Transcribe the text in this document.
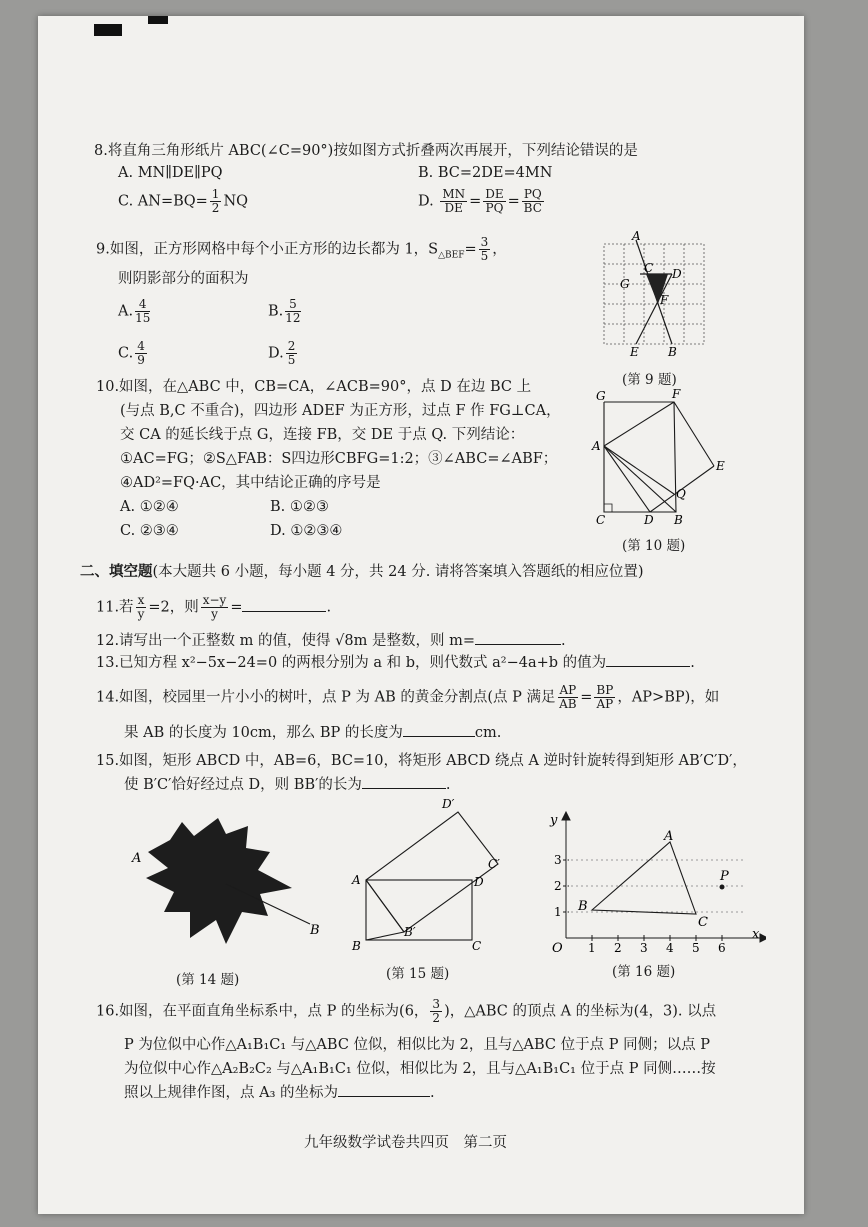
8.将直角三角形纸片 ABC(∠C=90°)按如图方式折叠两次再展开，下列结论错误的是
A. MN∥DE∥PQ	B. BC=2DE=4MN
C. $AN=BQ= \frac{1}{2}$ NQ	D. $\frac{MN}{DE} = \frac{DE}{PQ} = \frac{PQ}{BC}$
9.如图，正方形网格中每个小正方形的边长都为 1，$S_{\triangle BEF}= \frac{3}{5}$ ，
则阴影部分的面积为
A. $\frac{4}{15}$	B. $\frac{5}{12}$
C. $\frac{4}{9}$	D. $\frac{2}{5}$
A
C D
G
F
E B
(第 9 题)
10.如图，在△ABC 中，CB=CA，∠ACB=90°，点 D 在边 BC 上
(与点 B,C 不重合)，四边形 ADEF 为正方形，过点 F 作 FG⊥CA，
交 CA 的延长线于点 G，连接 FB，交 DE 于点 Q. 下列结论：
①AC=FG；②S△FAB：S四边形CBFG=1:2；③∠ABC=∠ABF；
④AD²=FQ·AC，其中结论正确的序号是
A. ①②④	B. ①②③
C. ②③④	D. ①②③④
G	F
A
E
Q
C	D B
(第 10 题)
二、填空题(本大题共 6 小题，每小题 4 分，共 24 分. 请将答案填入答题纸的相应位置)
11.若 $\frac{x}{y} =2$，则 $\frac{x-y}{y}$ =	.
12.请写出一个正整数 m 的值，使得 √8m 是整数，则 m=	.
13.已知方程 x²−5x−24=0 的两根分别为 a 和 b，则代数式 a²−4a+b 的值为	.
14.如图，校园里一片小小的树叶，点 P 为 AB 的黄金分割点(点 P 满足 $\frac{AP}{AB} = \frac{BP}{AP}$ ，AP>BP)，如
果 AB 的长度为 10cm，那么 BP 的长度为	cm.
15.如图，矩形 ABCD 中，AB=6，BC=10，将矩形 ABCD 绕点 A 逆时针旋转得到矩形 AB′C′D′，
使 B′C′恰好经过点 D，则 BB′的长为	.
A
B
(第 14 题)
D′
C′
A	D
B′
B	C
(第 15 题)
x
y
O 1 2 3 4 5 6
1
2
3
A
B
C
P
(第 16 题)
16.如图，在平面直角坐标系中，点 P 的坐标为(6， $\frac{3}{2}$ )，△ABC 的顶点 A 的坐标为(4，3). 以点
P 为位似中心作△A₁B₁C₁ 与△ABC 位似，相似比为 2，且与△ABC 位于点 P 同侧；以点 P
为位似中心作△A₂B₂C₂ 与△A₁B₁C₁ 位似，相似比为 2，且与△A₁B₁C₁ 位于点 P 同侧……按
照以上规律作图，点 A₃ 的坐标为	.
九年级数学试卷共四页　第二页
